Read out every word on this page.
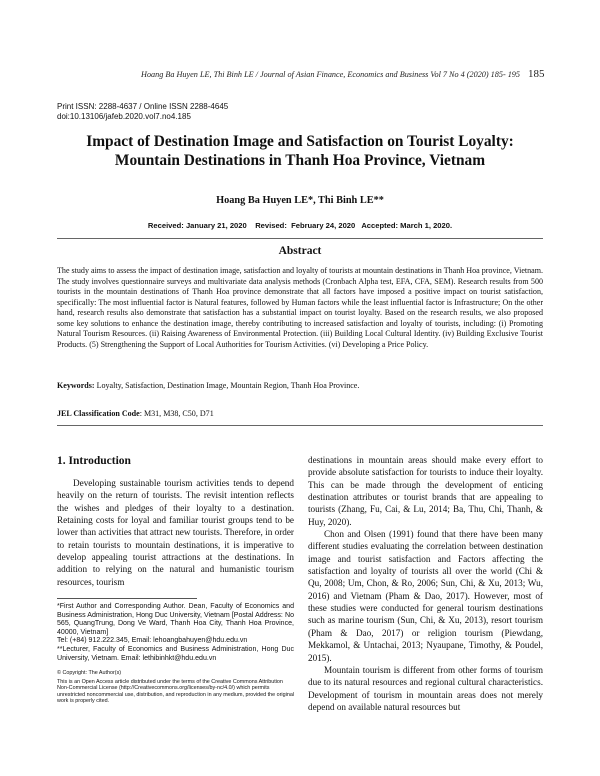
Hoang Ba Huyen LE, Thi Binh LE / Journal of Asian Finance, Economics and Business Vol 7 No 4 (2020) 185- 195 185
Print ISSN: 2288-4637 / Online ISSN 2288-4645
doi:10.13106/jafeb.2020.vol7.no4.185
Impact of Destination Image and Satisfaction on Tourist Loyalty:
Mountain Destinations in Thanh Hoa Province, Vietnam
Hoang Ba Huyen LE*, Thi Binh LE**
Received: January 21, 2020 Revised: February 24, 2020 Accepted: March 1, 2020.
Abstract
The study aims to assess the impact of destination image, satisfaction and loyalty of tourists at mountain destinations in Thanh Hoa province, Vietnam. The study involves questionnaire surveys and multivariate data analysis methods (Cronbach Alpha test, EFA, CFA, SEM). Research results from 500 tourists in the mountain destinations of Thanh Hoa province demonstrate that all factors have imposed a positive impact on tourist satisfaction, specifically: The most influential factor is Natural features, followed by Human factors while the least influential factor is Infrastructure; On the other hand, research results also demonstrate that satisfaction has a substantial impact on tourist loyalty. Based on the research results, we also proposed some key solutions to enhance the destination image, thereby contributing to increased satisfaction and loyalty of tourists, including: (i) Promoting Natural Tourism Resources. (ii) Raising Awareness of Environmental Protection. (iii) Building Local Cultural Identity. (iv) Building Exclusive Tourist Products. (5) Strengthening the Support of Local Authorities for Tourism Activities. (vi) Developing a Price Policy.
Keywords: Loyalty, Satisfaction, Destination Image, Mountain Region, Thanh Hoa Province.
JEL Classification Code: M31, M38, C50, D71
1. Introduction

Developing sustainable tourism activities tends to depend heavily on the return of tourists. The revisit intention reflects the wishes and pledges of their loyalty to a destination. Retaining costs for loyal and familiar tourist groups tend to be lower than activities that attract new tourists. Therefore, in order to retain tourists to mountain destinations, it is imperative to develop appealing tourist attractions at the destinations. In addition to relying on the natural and humanistic tourism resources, tourism

*First Author and Corresponding Author. Dean, Faculty of Economics and Business Administration, Hong Duc University, Vietnam [Postal Address: No 565, QuangTrung, Dong Ve Ward, Thanh Hoa City, Thanh Hoa Province, 40000, Vietnam]
Tel: (+84) 912.222.345, Email: lehoangbahuyen@hdu.edu.vn
**Lecturer, Faculty of Economics and Business Administration, Hong Duc University, Vietnam. Email: lethibinhkt@hdu.edu.vn
© Copyright: The Author(s)
This is an Open Access article distributed under the terms of the Creative Commons Attribution Non-Commercial License (http://Creativecommons.org/licenses/by-nc/4.0/) which permits unrestricted noncommercial use, distribution, and reproduction in any medium, provided the original work is properly cited.

destinations in mountain areas should make every effort to provide absolute satisfaction for tourists to induce their loyalty. This can be made through the development of enticing destination attributes or tourist brands that are appealing to tourists (Zhang, Fu, Cai, & Lu, 2014; Ba, Thu, Chi, Thanh, & Huy, 2020).

Chon and Olsen (1991) found that there have been many different studies evaluating the correlation between destination image and tourist satisfaction and Factors affecting the satisfaction and loyalty of tourists all over the world (Chi & Qu, 2008; Um, Chon, & Ro, 2006; Sun, Chi, & Xu, 2013; Wu, 2016) and Vietnam (Pham & Dao, 2017). However, most of these studies were conducted for general tourism destinations such as marine tourism (Sun, Chi, & Xu, 2013), resort tourism (Pham & Dao, 2017) or religion tourism (Piewdang, Mekkamol, & Untachai, 2013; Nyaupane, Timothy, & Poudel, 2015).

Mountain tourism is different from other forms of tourism due to its natural resources and regional cultural characteristics. Development of tourism in mountain areas does not merely depend on available natural resources but
